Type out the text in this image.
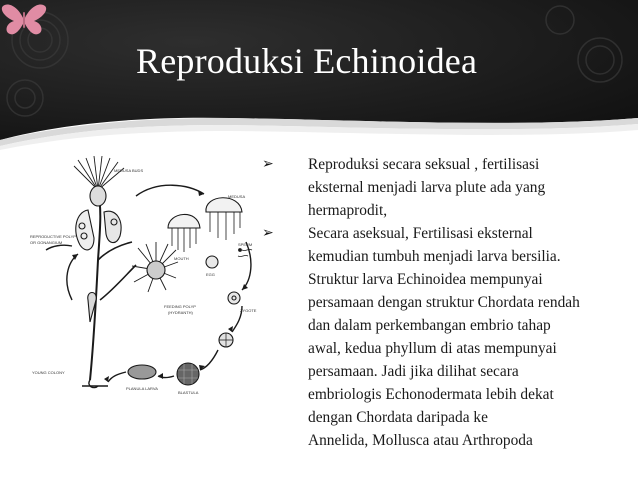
Reproduksi Echinoidea
MEDUSA BUDS
MEDUSA
REPRODUCTIVE POLYP
OR GONANGIUM
MOUTH
SPERM
EGG
FEEDING POLYP
(HYDRANTH)	ZYGOTE
YOUNG COLONY
PLANULA LARVA
BLASTULA
➢ Reproduksi secara seksual , fertilisasi
eksternal menjadi larva plute ada yang
hermaprodit,
➢ Secara aseksual, Fertilisasi eksternal
kemudian tumbuh menjadi larva bersilia.
Struktur larva Echinoidea mempunyai
persamaan dengan struktur Chordata rendah
dan dalam perkembangan embrio tahap
awal, kedua phyllum di atas mempunyai
persamaan. Jadi jika dilihat secara
embriologis Echonodermata lebih dekat
dengan Chordata daripada ke
Annelida, Mollusca atau Arthropoda
